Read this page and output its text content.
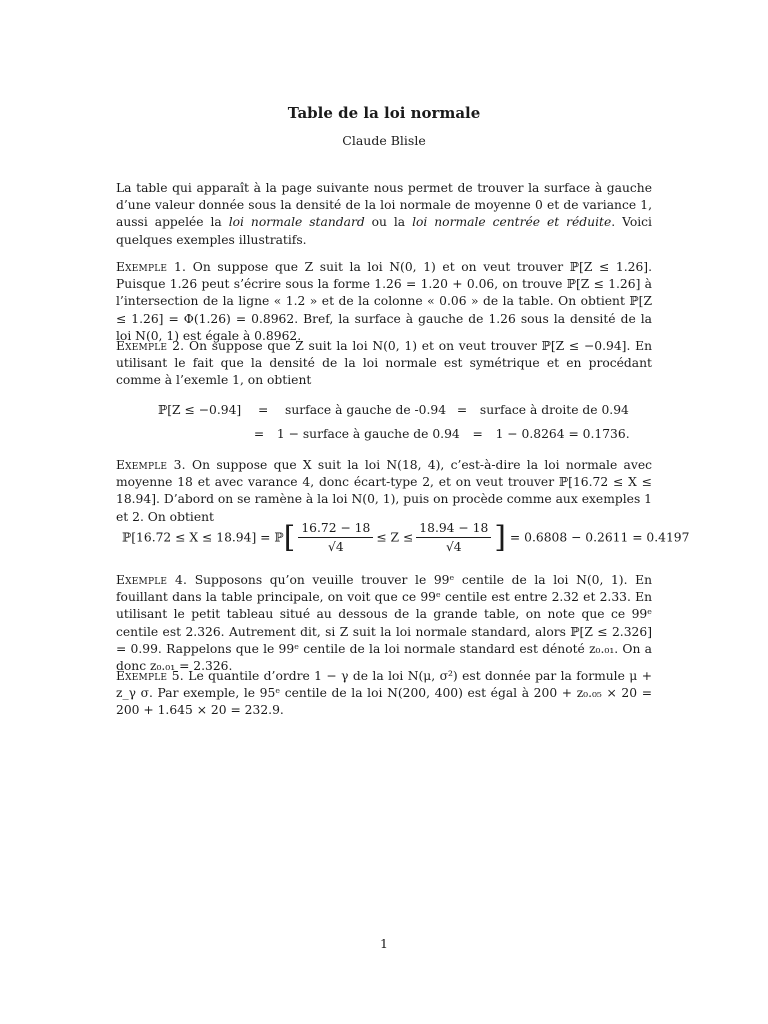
Table de la loi normale
Claude Blisle

La table qui apparaît à la page suivante nous permet de trouver la surface à gauche d’une valeur donnée sous la densité de la loi normale de moyenne 0 et de variance 1, aussi appelée la loi normale standard ou la loi normale centrée et réduite. Voici quelques exemples illustratifs.

Exemple 1. On suppose que Z suit la loi N(0, 1) et on veut trouver ℙ[Z ≤ 1.26]. Puisque 1.26 peut s’écrire sous la forme 1.26 = 1.20 + 0.06, on trouve ℙ[Z ≤ 1.26] à l’intersection de la ligne « 1.2 » et de la colonne « 0.06 » de la table. On obtient ℙ[Z ≤ 1.26] = Φ(1.26) = 0.8962. Bref, la surface à gauche de 1.26 sous la densité de la loi N(0, 1) est égale à 0.8962.

Exemple 2. On suppose que Z suit la loi N(0, 1) et on veut trouver ℙ[Z ≤ −0.94]. En utilisant le fait que la densité de la loi normale est symétrique et en procédant comme à l’exemle 1, on obtient

ℙ[Z ≤ −0.94] = surface à gauche de -0.94 = surface à droite de 0.94
= 1 − surface à gauche de 0.94 = 1 − 0.8264 = 0.1736.

Exemple 3. On suppose que X suit la loi N(18, 4), c’est-à-dire la loi normale avec moyenne 18 et avec varance 4, donc écart-type 2, et on veut trouver ℙ[16.72 ≤ X ≤ 18.94]. D’abord on se ramène à la loi N(0, 1), puis on procède comme aux exemples 1 et 2. On obtient

ℙ[16.72 ≤ X ≤ 18.94] = ℙ[ $\frac{16.72 - 18}{√4} \le Z \le \frac{18.94 - 18}{√4}$ ] = 0.6808 − 0.2611 = 0.4197

Exemple 4. Supposons qu’on veuille trouver le 99ᵉ centile de la loi N(0, 1). En fouillant dans la table principale, on voit que ce 99ᵉ centile est entre 2.32 et 2.33. En utilisant le petit tableau situé au dessous de la grande table, on note que ce 99ᵉ centile est 2.326. Autrement dit, si Z suit la loi normale standard, alors ℙ[Z ≤ 2.326] = 0.99. Rappelons que le 99ᵉ centile de la loi normale standard est dénoté z₀.₀₁. On a donc z₀.₀₁ = 2.326.

Exemple 5. Le quantile d’ordre 1 − γ de la loi N(μ, σ²) est donnée par la formule μ + z_γ σ. Par exemple, le 95ᵉ centile de la loi N(200, 400) est égal à 200 + z₀.₀₅ × 20 = 200 + 1.645 × 20 = 232.9.

1
